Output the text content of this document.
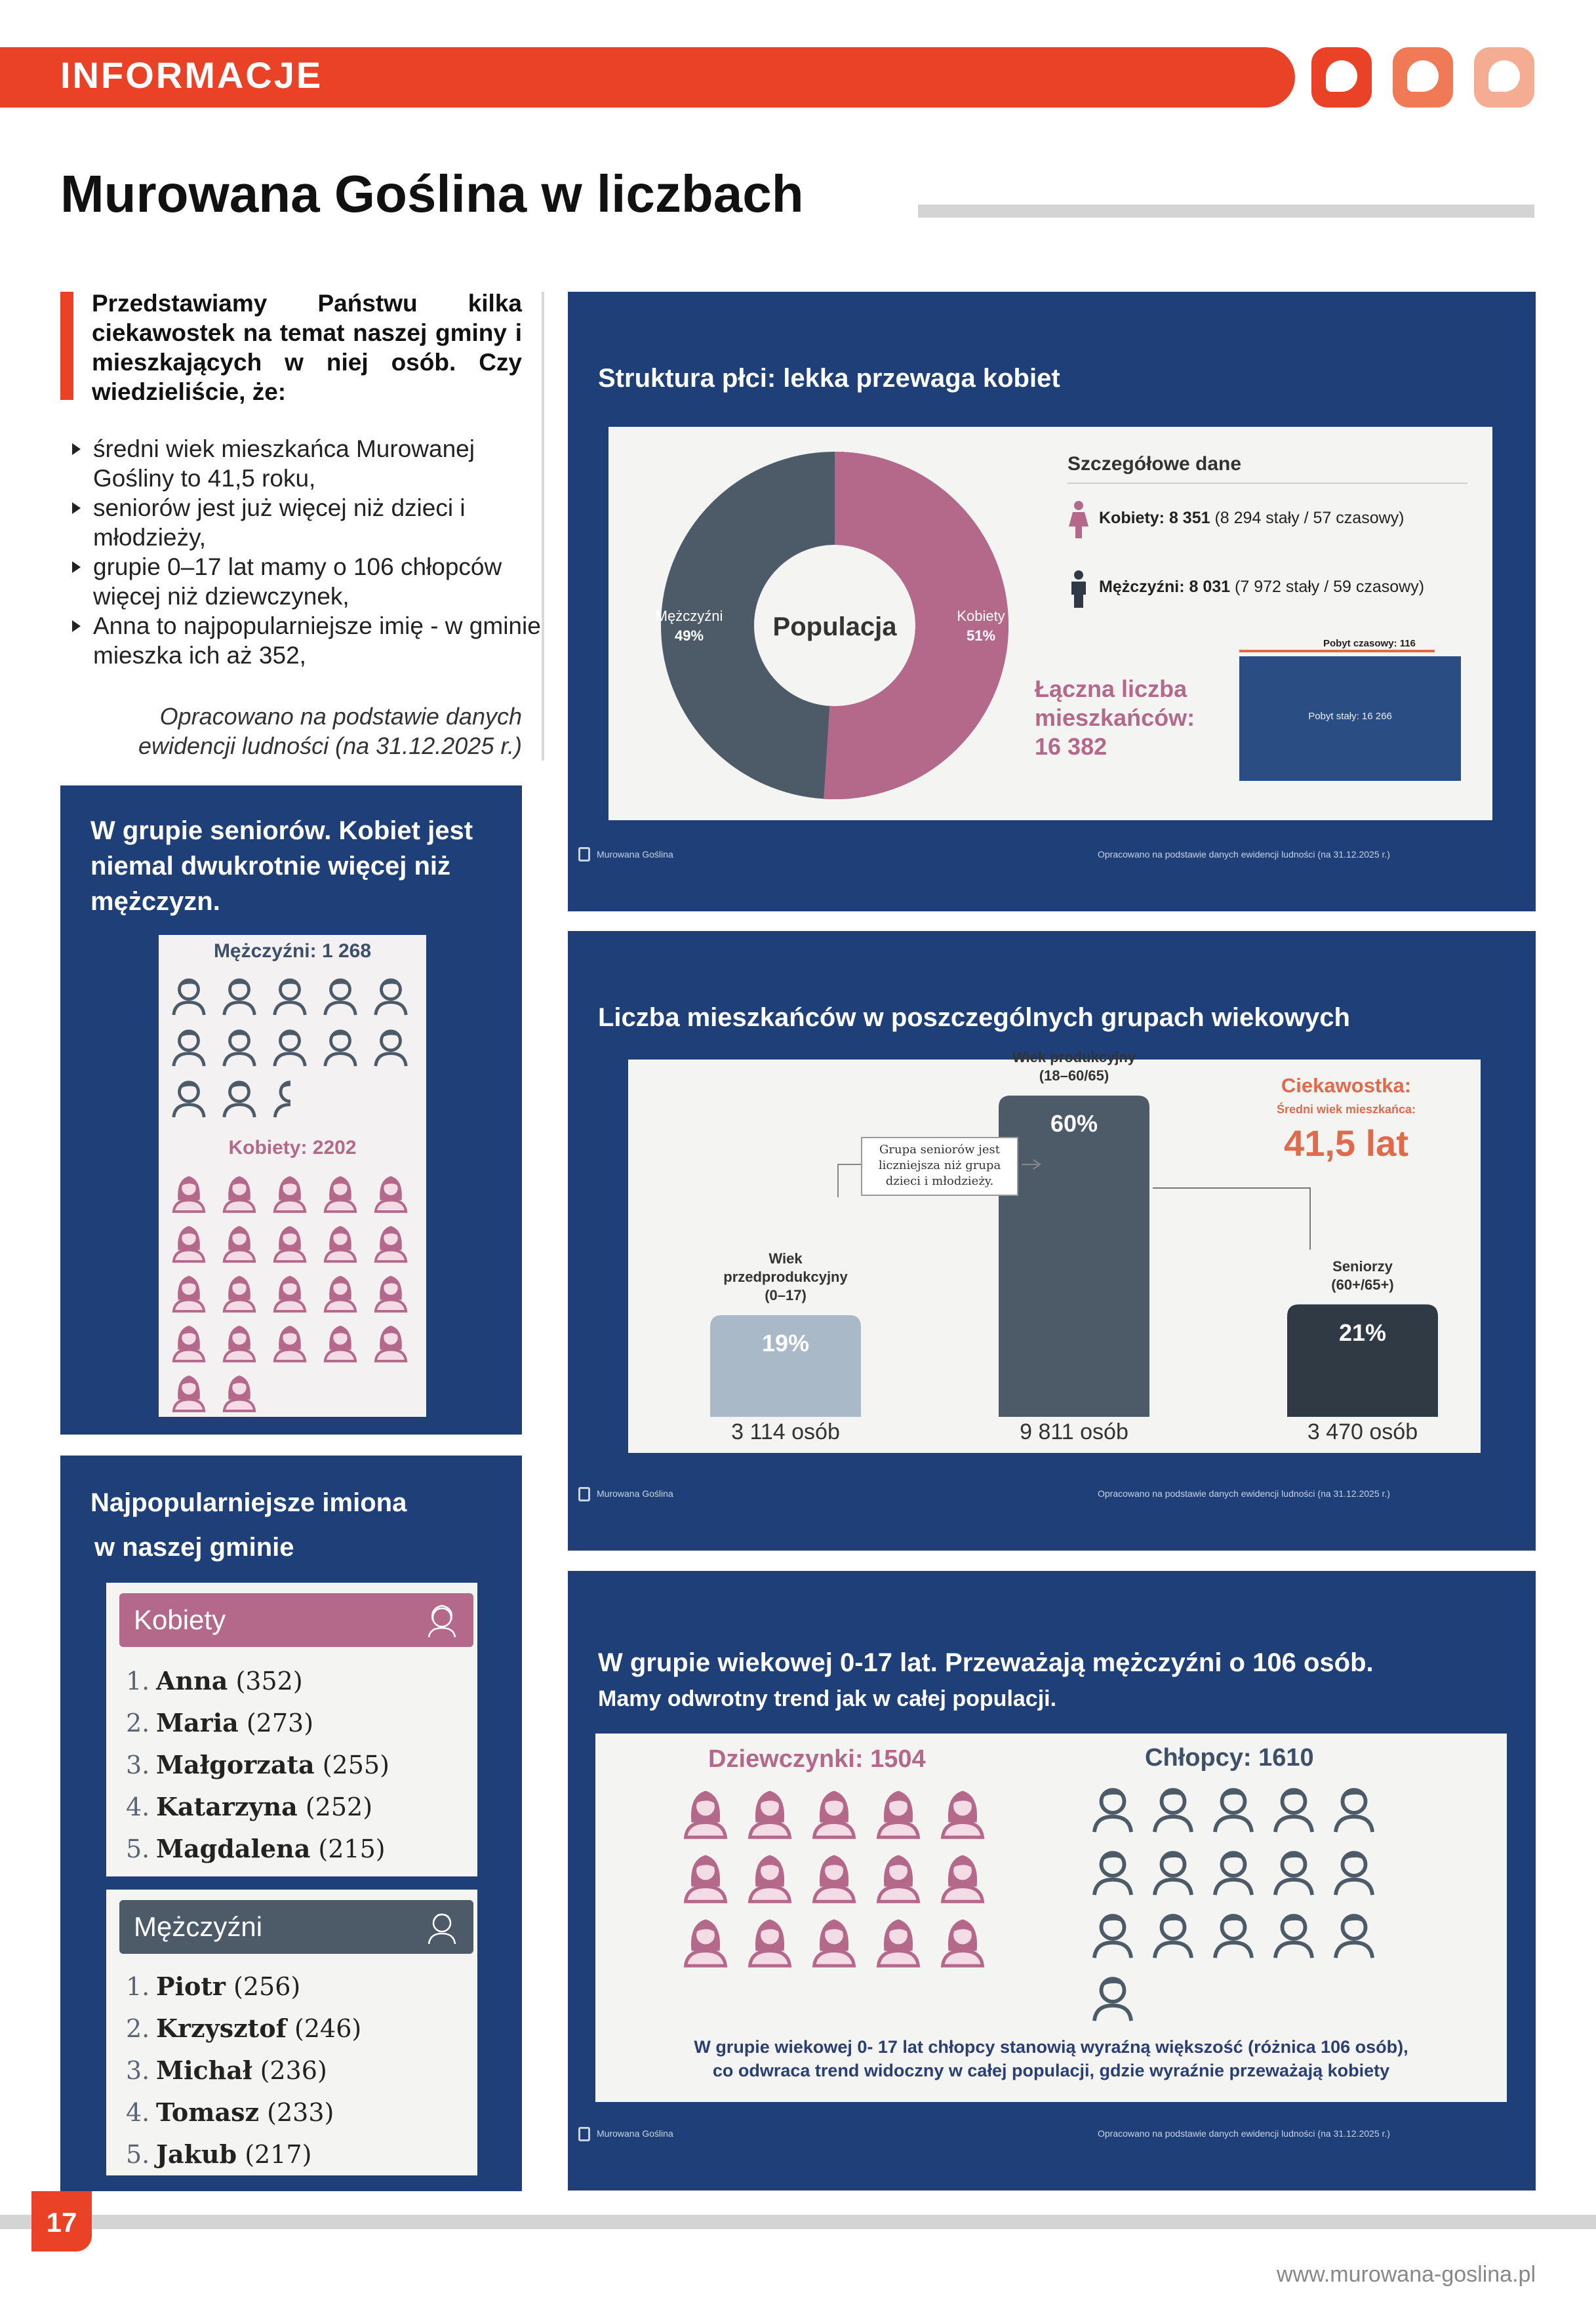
INFORMACJE
Murowana Goślina w liczbach
Przedstawiamy Państwu kilka ciekawostek na temat naszej gminy i mieszkających w niej osób. Czy wiedzieliście, że:
średni wiek mieszkańca Murowanej Gośliny to 41,5 roku,
seniorów jest już więcej niż dzieci i młodzieży,
grupie 0–17 lat mamy o 106 chłopców więcej niż dziewczynek,
Anna to najpopularniejsze imię - w gminie mieszka ich aż 352,
Opracowano na podstawie danych ewidencji ludności (na 31.12.2025 r.)
Struktura płci: lekka przewaga kobiet
Populacja
Mężczyźni
49%
Kobiety
51%
Szczegółowe dane
Kobiety: 8 351 (8 294 stały / 57 czasowy)
Mężczyźni: 8 031 (7 972 stały / 59 czasowy)
Pobyt czasowy: 116
Pobyt stały: 16 266
Łączna liczba
mieszkańców:
16 382
Murowana Goślina	Opracowano na podstawie danych ewidencji ludności (na 31.12.2025 r.)
W grupie seniorów. Kobiet jest niemal dwukrotnie więcej niż mężczyzn.
Mężczyźni: 1 268
Kobiety: 2202
Liczba mieszkańców w poszczególnych grupach wiekowych
Grupa seniorów jest liczniejsza niż grupa dzieci i młodzieży.
Ciekawostka:
Średni wiek mieszkańca:
41,5 lat
19%
Wiek
przedprodukcyjny
(0–17)
3 114 osób
60%
Wiek produkcyjny
(18–60/65)
9 811 osób
21%
Seniorzy
(60+/65+)
3 470 osób
Murowana Goślina	Opracowano na podstawie danych ewidencji ludności (na 31.12.2025 r.)
Najpopularniejsze imiona
w naszej gminie
Kobiety
1. Anna (352)
2. Maria (273)
3. Małgorzata (255)
4. Katarzyna (252)
5. Magdalena (215)
Mężczyźni
1. Piotr (256)
2. Krzysztof (246)
3. Michał (236)
4. Tomasz (233)
5. Jakub (217)
W grupie wiekowej 0-17 lat. Przeważają mężczyźni o 106 osób.
Mamy odwrotny trend jak w całej populacji.
Dziewczynki: 1504	Chłopcy: 1610
W grupie wiekowej 0- 17 lat chłopcy stanowią wyraźną większość (różnica 106 osób),
co odwraca trend widoczny w całej populacji, gdzie wyraźnie przeważają kobiety
Murowana Goślina	Opracowano na podstawie danych ewidencji ludności (na 31.12.2025 r.)
17
www.murowana-goslina.pl
